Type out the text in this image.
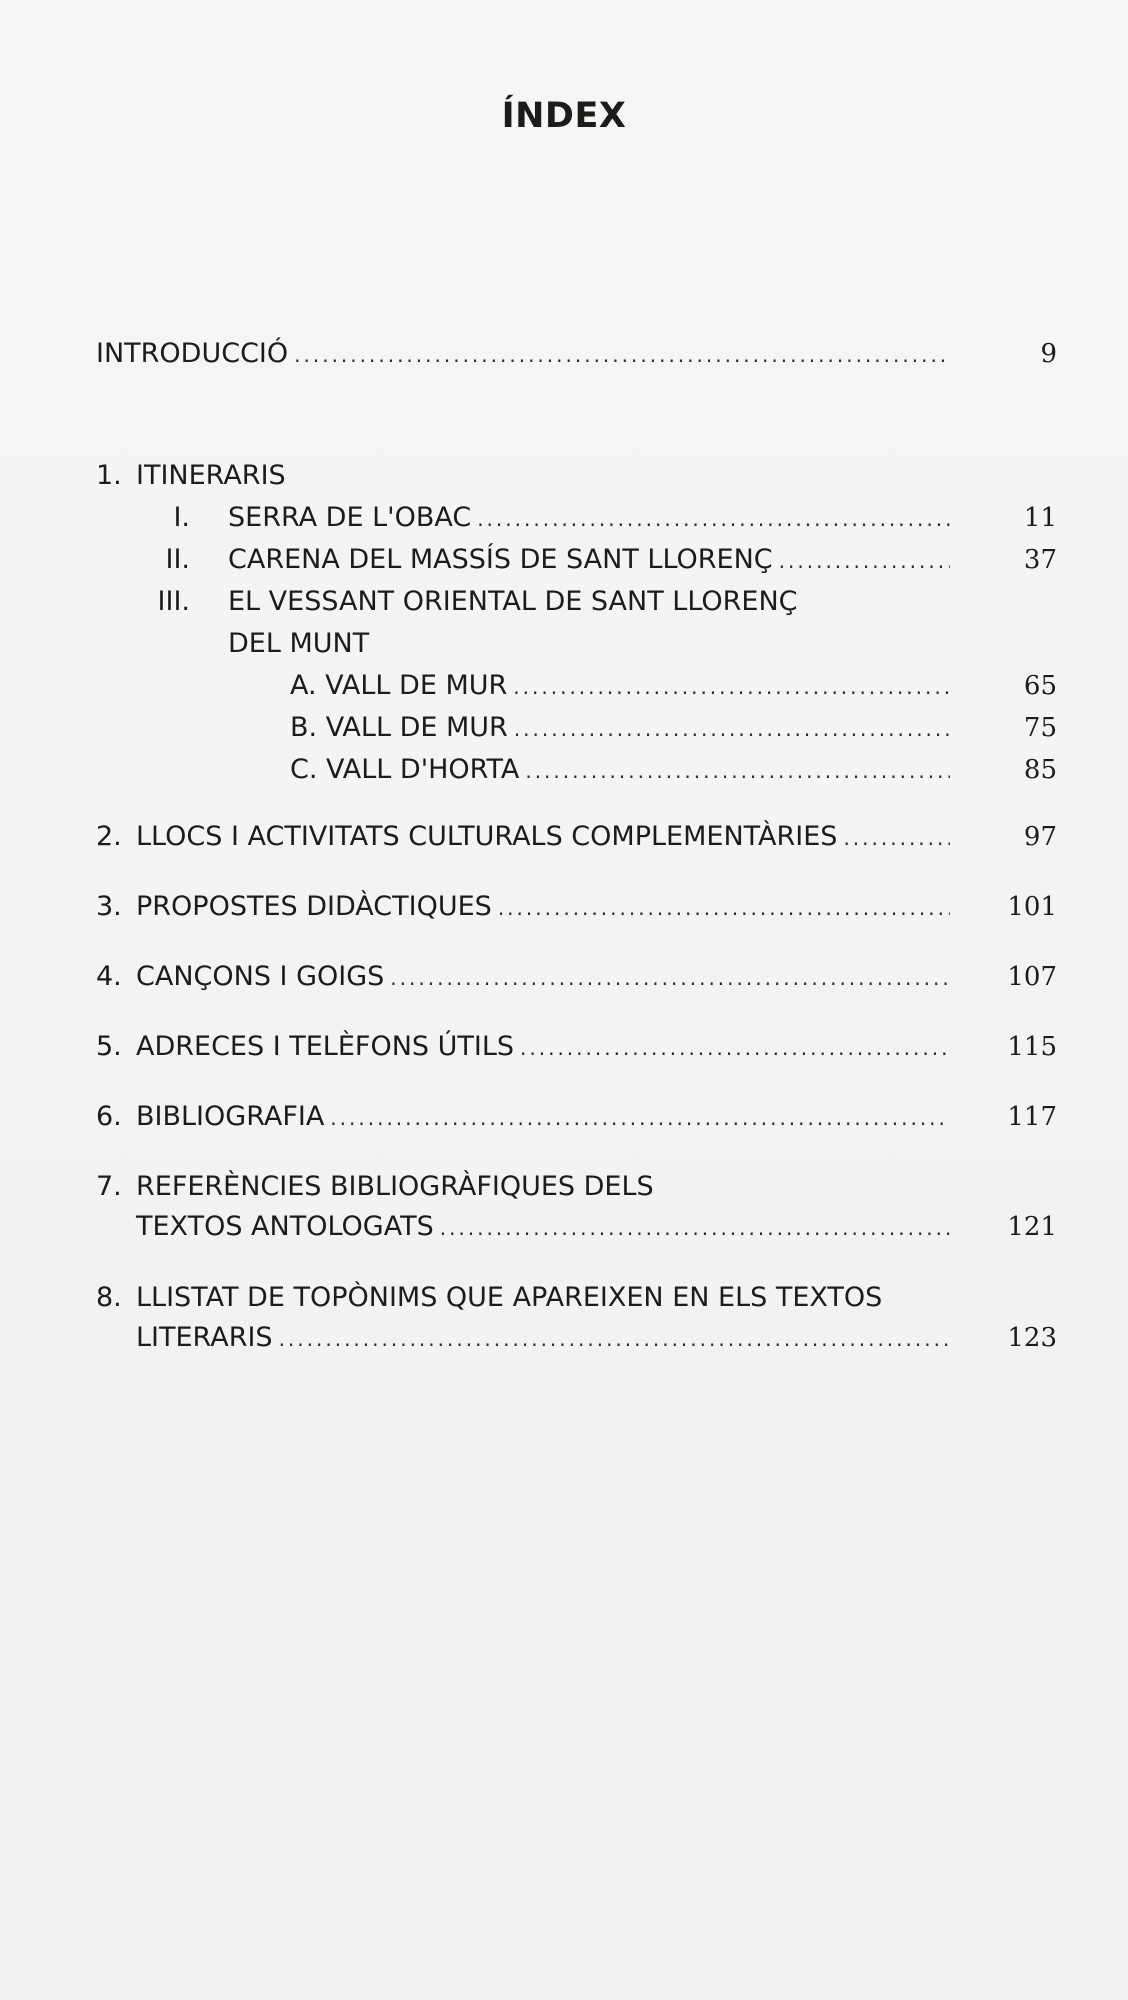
ÍNDEX
INTRODUCCIÓ .....	9
1. ITINERARIS
I. SERRA DE L'OBAC .....	11
II. CARENA DEL MASSÍS DE SANT LLORENÇ .....	37
III. EL VESSANT ORIENTAL DE SANT LLORENÇ
DEL MUNT
A. VALL DE MUR .....	65
B. VALL DE MUR .....	75
C. VALL D'HORTA .....	85
2. LLOCS I ACTIVITATS CULTURALS COMPLEMENTÀRIES .....	97
3. PROPOSTES DIDÀCTIQUES .....	101
4. CANÇONS I GOIGS .....	107
5. ADRECES I TELÈFONS ÚTILS .....	115
6. BIBLIOGRAFIA .....	117
7. REFERÈNCIES BIBLIOGRÀFIQUES DELS
TEXTOS ANTOLOGATS .....	121
8. LLISTAT DE TOPÒNIMS QUE APAREIXEN EN ELS TEXTOS
LITERARIS .....	123
